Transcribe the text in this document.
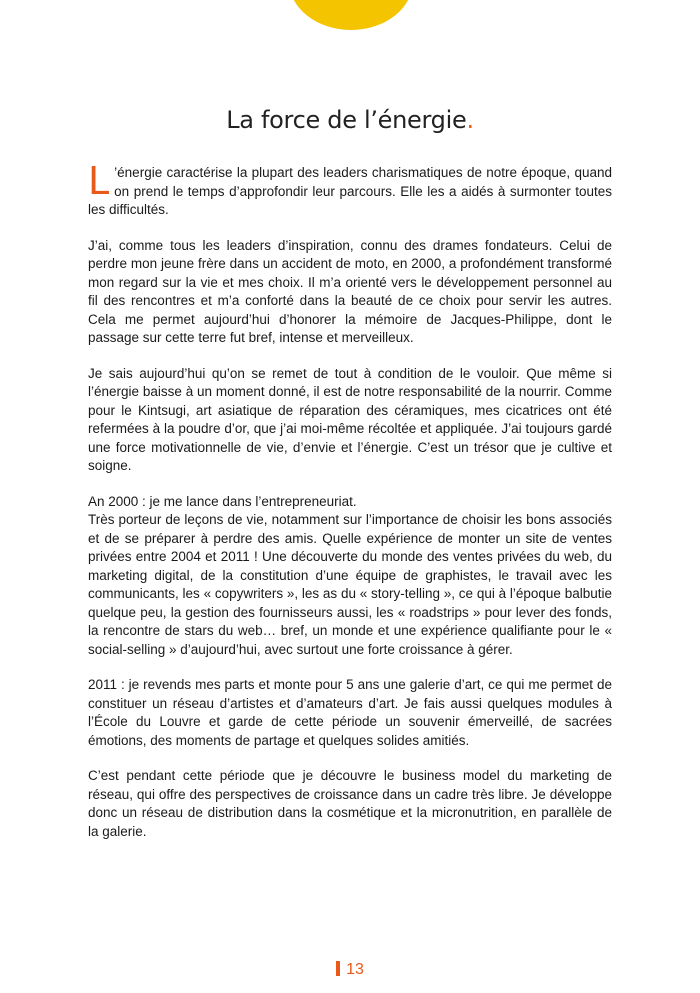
La force de l’énergie.

L ’énergie caractérise la plupart des leaders charismatiques de notre époque, quand on prend le temps d’approfondir leur parcours. Elle les a aidés à surmonter toutes les difficultés.

J’ai, comme tous les leaders d’inspiration, connu des drames fondateurs. Celui de perdre mon jeune frère dans un accident de moto, en 2000, a profondément transformé mon regard sur la vie et mes choix. Il m’a orienté vers le développement personnel au fil des rencontres et m’a conforté dans la beauté de ce choix pour servir les autres. Cela me permet aujourd’hui d’honorer la mémoire de Jacques-Philippe, dont le passage sur cette terre fut bref, intense et merveilleux.

Je sais aujourd’hui qu’on se remet de tout à condition de le vouloir. Que même si l’énergie baisse à un moment donné, il est de notre responsabilité de la nourrir. Comme pour le Kintsugi, art asiatique de réparation des céramiques, mes cicatrices ont été refermées à la poudre d’or, que j’ai moi-même récoltée et appliquée. J’ai toujours gardé une force motivationnelle de vie, d’envie et l’énergie. C’est un trésor que je cultive et soigne.

An 2000 : je me lance dans l’entrepreneuriat.
Très porteur de leçons de vie, notamment sur l’importance de choisir les bons associés et de se préparer à perdre des amis. Quelle expérience de monter un site de ventes privées entre 2004 et 2011 ! Une découverte du monde des ventes privées du web, du marketing digital, de la constitution d’une équipe de graphistes, le travail avec les communicants, les « copywriters », les as du « story-telling », ce qui à l’époque balbutie quelque peu, la gestion des fournisseurs aussi, les « roadstrips » pour lever des fonds, la rencontre de stars du web… bref, un monde et une expérience qualifiante pour le « social-selling » d’aujourd’hui, avec surtout une forte croissance à gérer.

2011 : je revends mes parts et monte pour 5 ans une galerie d’art, ce qui me permet de constituer un réseau d’artistes et d’amateurs d’art. Je fais aussi quelques modules à l’École du Louvre et garde de cette période un souvenir émerveillé, de sacrées émotions, des moments de partage et quelques solides amitiés.

C’est pendant cette période que je découvre le business model du marketing de réseau, qui offre des perspectives de croissance dans un cadre très libre. Je développe donc un réseau de distribution dans la cosmétique et la micronutrition, en parallèle de la galerie.

13
